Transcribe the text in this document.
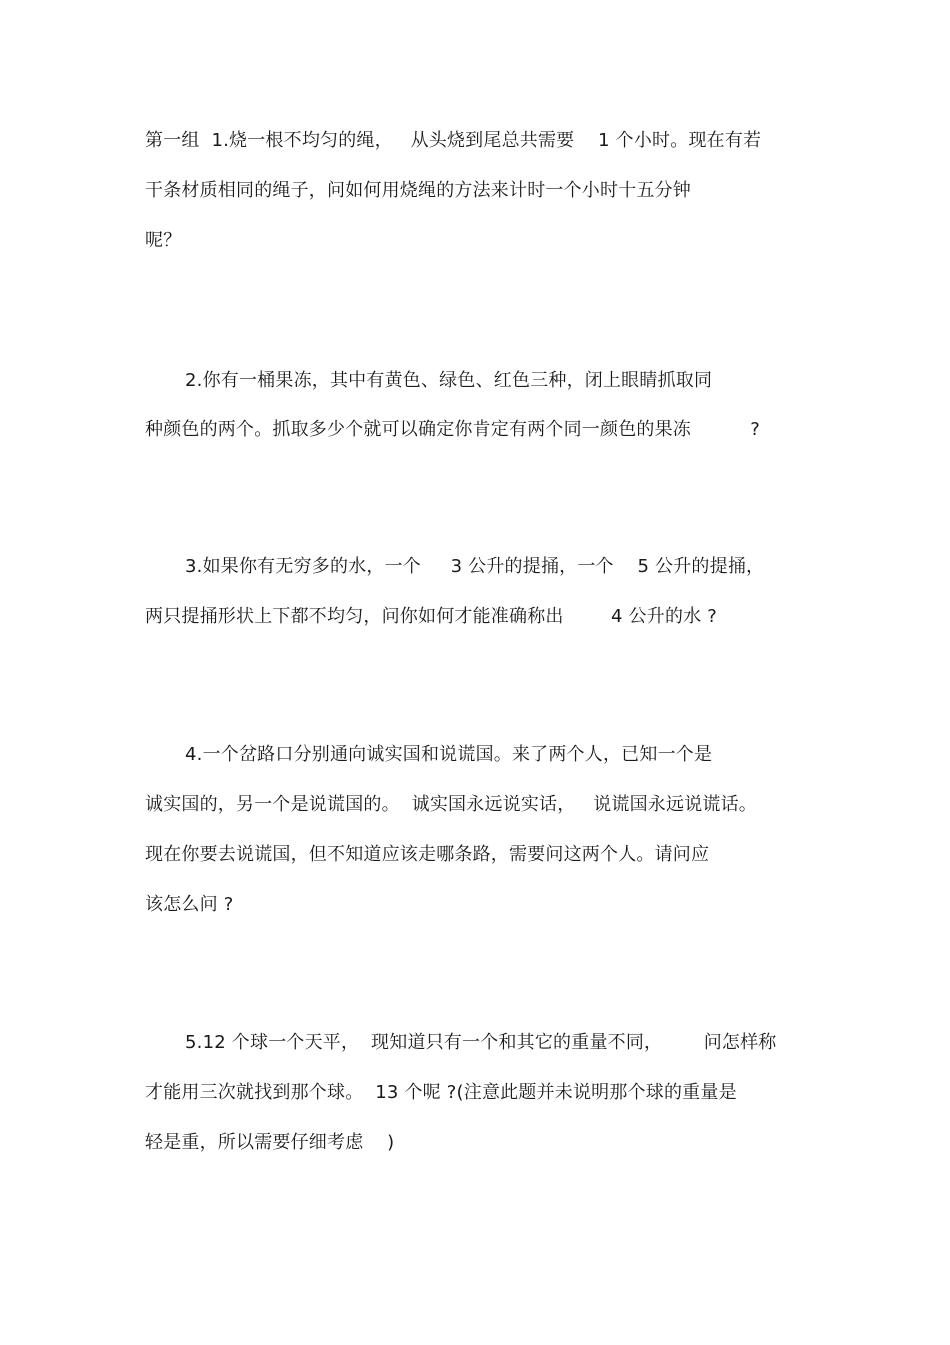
第一组  1.烧一根不均匀的绳，   从头烧到尾总共需要    1 个小时。现在有若
干条材质相同的绳子，问如何用烧绳的方法来计时一个小时十五分钟
呢？
2.你有一桶果冻，其中有黄色、绿色、红色三种，闭上眼睛抓取同
种颜色的两个。抓取多少个就可以确定你肯定有两个同一颜色的果冻          ?
3.如果你有无穷多的水，一个     3 公升的提捅，一个    5 公升的提捅，
两只提捅形状上下都不均匀，问你如何才能准确称出        4 公升的水 ?
4.一个岔路口分别通向诚实国和说谎国。来了两个人，已知一个是
诚实国的，另一个是说谎国的。  诚实国永远说实话，   说谎国永远说谎话。
现在你要去说谎国，但不知道应该走哪条路，需要问这两个人。请问应
该怎么问 ?
5.12 个球一个天平，  现知道只有一个和其它的重量不同，       问怎样称
才能用三次就找到那个球。  13 个呢 ?(注意此题并未说明那个球的重量是
轻是重，所以需要仔细考虑    )
